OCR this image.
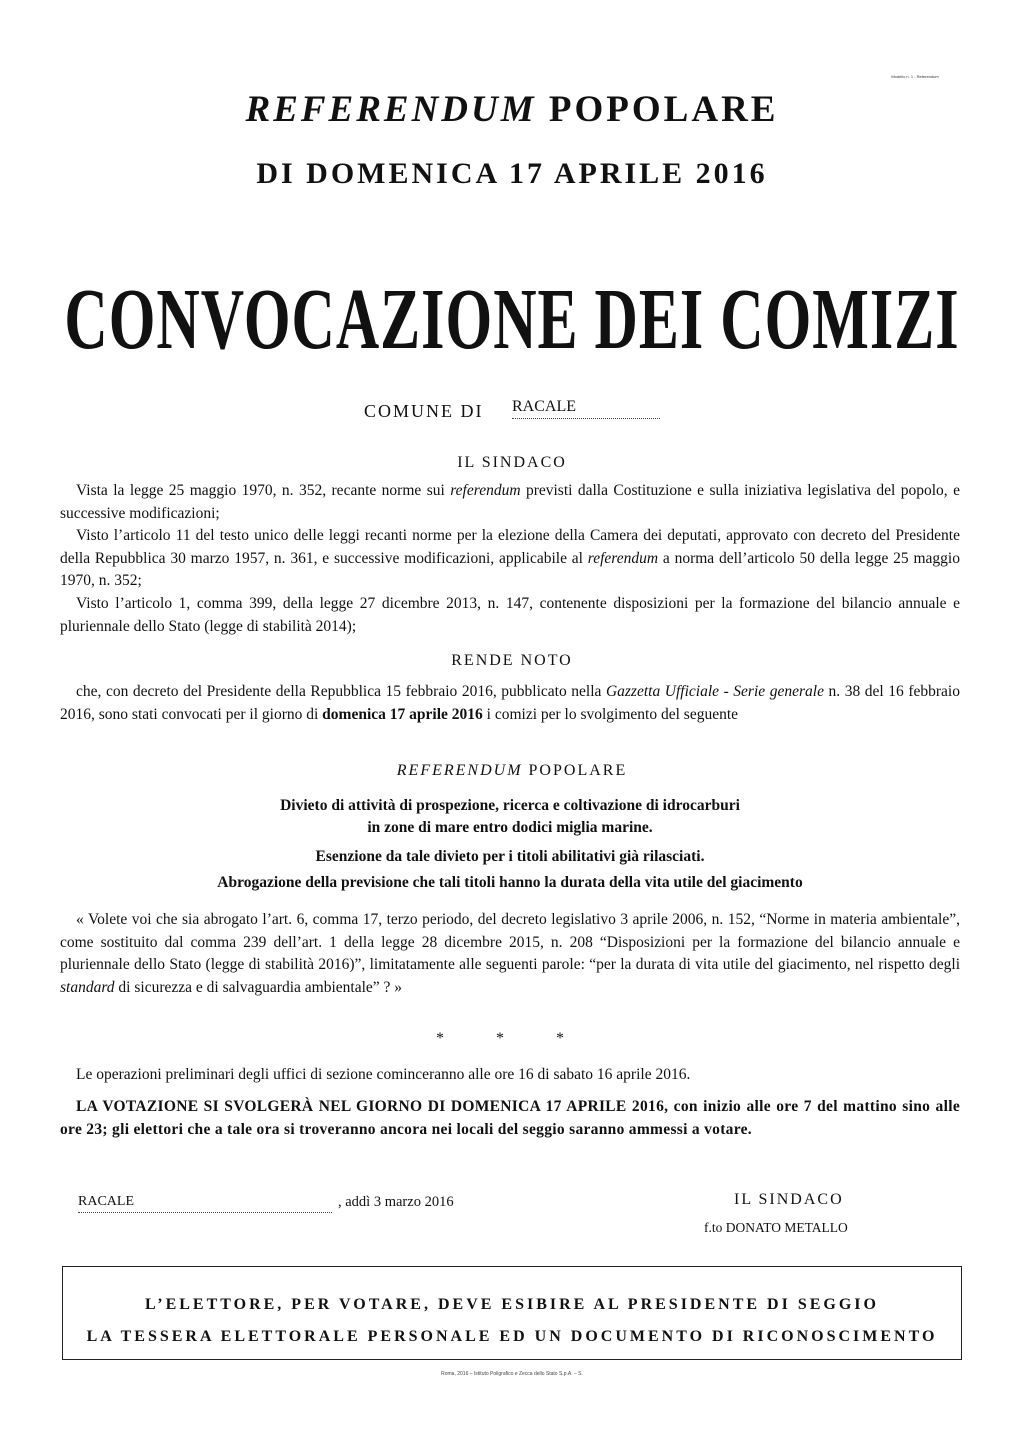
Modello n. 1 - Referendum
REFERENDUM POPOLARE
DI DOMENICA 17 APRILE 2016
CONVOCAZIONE DEI COMIZI
COMUNE DI RACALE
IL SINDACO
Vista la legge 25 maggio 1970, n. 352, recante norme sui referendum previsti dalla Costituzione e sulla iniziativa legislativa del popolo, e successive modificazioni;
Visto l’articolo 11 del testo unico delle leggi recanti norme per la elezione della Camera dei deputati, approvato con decreto del Presidente della Repubblica 30 marzo 1957, n. 361, e successive modificazioni, applicabile al referendum a norma dell’articolo 50 della legge 25 maggio 1970, n. 352;
Visto l’articolo 1, comma 399, della legge 27 dicembre 2013, n. 147, contenente disposizioni per la formazione del bilancio annuale e pluriennale dello Stato (legge di stabilità 2014);
RENDE NOTO
che, con decreto del Presidente della Repubblica 15 febbraio 2016, pubblicato nella Gazzetta Ufficiale - Serie generale n. 38 del 16 febbraio 2016, sono stati convocati per il giorno di domenica 17 aprile 2016 i comizi per lo svolgimento del seguente
REFERENDUM POPOLARE
Divieto di attività di prospezione, ricerca e coltivazione di idrocarburi
in zone di mare entro dodici miglia marine.
Esenzione da tale divieto per i titoli abilitativi già rilasciati.
Abrogazione della previsione che tali titoli hanno la durata della vita utile del giacimento
« Volete voi che sia abrogato l’art. 6, comma 17, terzo periodo, del decreto legislativo 3 aprile 2006, n. 152, “Norme in materia ambientale”, come sostituito dal comma 239 dell’art. 1 della legge 28 dicembre 2015, n. 208 “Disposizioni per la formazione del bilancio annuale e pluriennale dello Stato (legge di stabilità 2016)”, limitatamente alle seguenti parole: “per la durata di vita utile del giacimento, nel rispetto degli standard di sicurezza e di salvaguardia ambientale” ? »
* * *
Le operazioni preliminari degli uffici di sezione cominceranno alle ore 16 di sabato 16 aprile 2016.
LA VOTAZIONE SI SVOLGERÀ NEL GIORNO DI DOMENICA 17 APRILE 2016, con inizio alle ore 7 del mattino sino alle ore 23; gli elettori che a tale ora si troveranno ancora nei locali del seggio saranno ammessi a votare.
RACALE	, addì 3 marzo 2016	IL SINDACO
f.to DONATO METALLO
L’ELETTORE, PER VOTARE, DEVE ESIBIRE AL PRESIDENTE DI SEGGIO
LA TESSERA ELETTORALE PERSONALE ED UN DOCUMENTO DI RICONOSCIMENTO
Roma, 2016 – Istituto Poligrafico e Zecca dello Stato S.p.A. – S.
